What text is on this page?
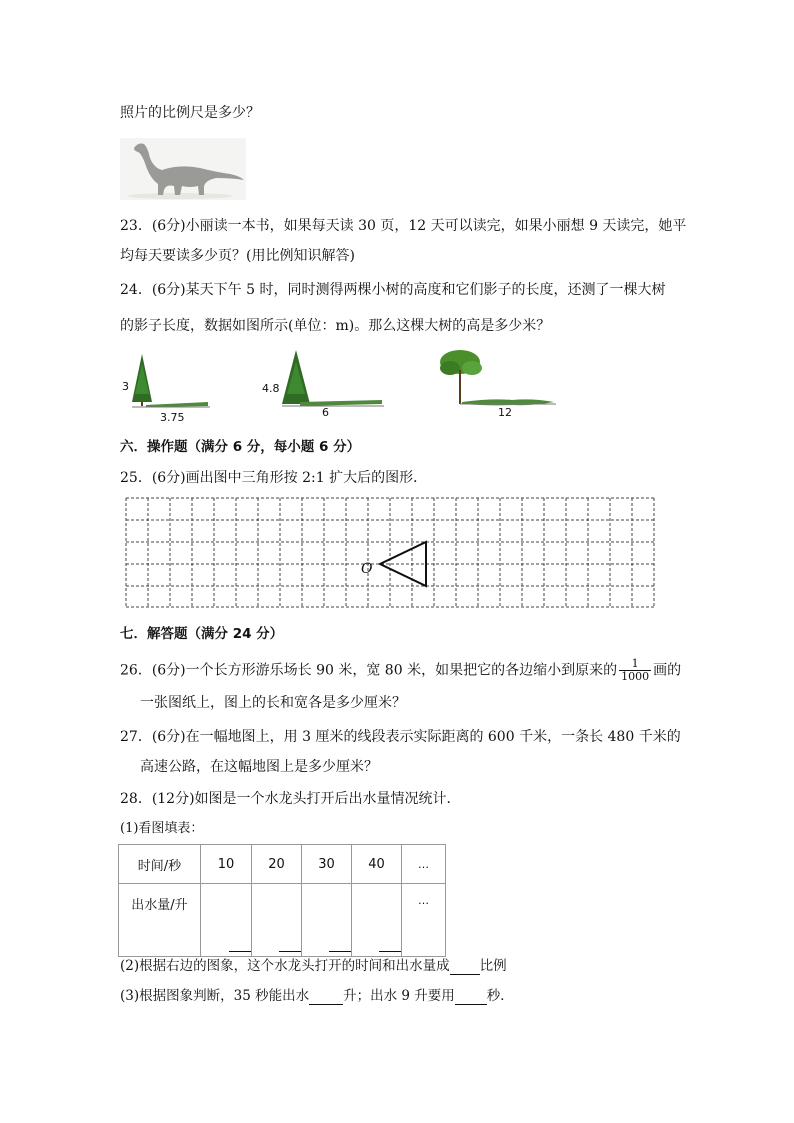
照片的比例尺是多少？
23．(6分)小丽读一本书，如果每天读 30 页，12 天可以读完，如果小丽想 9 天读完，她平
均每天要读多少页？(用比例知识解答)
24．(6分)某天下午 5 时，同时测得两棵小树的高度和它们影子的长度，还测了一棵大树
的影子长度，数据如图所示(单位：m)。那么这棵大树的高是多少米？
3
3.75
4.8
6	12
六．操作题（满分 6 分，每小题 6 分）
25．(6分)画出图中三角形按 2:1 扩大后的图形．
O
七．解答题（满分 24 分）
26．(6分)一个长方形游乐场长 90 米，宽 80 米，如果把它的各边缩小到原来的 $\frac{1}{1000}$ 画的
一张图纸上，图上的长和宽各是多少厘米？
27．(6分)在一幅地图上，用 3 厘米的线段表示实际距离的 600 千米，一条长 480 千米的
高速公路，在这幅地图上是多少厘米？
28．(12分)如图是一个水龙头打开后出水量情况统计．
(1)看图填表：
时间/秒	10	20	30	40	…
出水量/升					…
(2)根据右边的图象，这个水龙头打开的时间和出水量成 比例
(3)根据图象判断，35 秒能出水	升；出水 9 升要用 秒．
